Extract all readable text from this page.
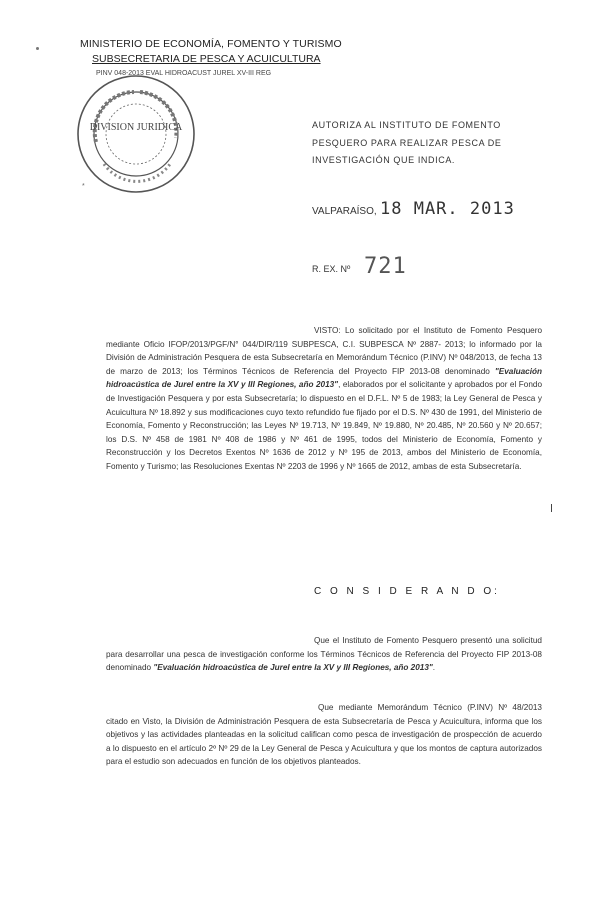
MINISTERIO DE ECONOMÍA, FOMENTO Y TURISMO
SUBSECRETARIA DE PESCA Y ACUICULTURA
PINV 048-2013 EVAL HIDROACUST JUREL XV-III REG
DIVISION JURIDICA
*
AUTORIZA AL INSTITUTO DE FOMENTO PESQUERO PARA REALIZAR PESCA DE INVESTIGACIÓN QUE INDICA.
VALPARAÍSO, 18 MAR. 2013
R. EX. Nº 721
VISTO: Lo solicitado por el Instituto de Fomento Pesquero mediante Oficio IFOP/2013/PGF/N° 044/DIR/119 SUBPESCA, C.I. SUBPESCA Nº 2887- 2013; lo informado por la División de Administración Pesquera de esta Subsecretaría en Memorándum Técnico (P.INV) Nº 048/2013, de fecha 13 de marzo de 2013; los Términos Técnicos de Referencia del Proyecto FIP 2013-08 denominado "Evaluación hidroacústica de Jurel entre la XV y III Regiones, año 2013", elaborados por el solicitante y aprobados por el Fondo de Investigación Pesquera y por esta Subsecretaría; lo dispuesto en el D.F.L. Nº 5 de 1983; la Ley General de Pesca y Acuicultura Nº 18.892 y sus modificaciones cuyo texto refundido fue fijado por el D.S. Nº 430 de 1991, del Ministerio de Economía, Fomento y Reconstrucción; las Leyes Nº 19.713, Nº 19.849, Nº 19.880, Nº 20.485, Nº 20.560 y Nº 20.657; los D.S. Nº 458 de 1981 Nº 408 de 1986 y Nº 461 de 1995, todos del Ministerio de Economía, Fomento y Reconstrucción y los Decretos Exentos Nº 1636 de 2012 y Nº 195 de 2013, ambos del Ministerio de Economía, Fomento y Turismo; las Resoluciones Exentas Nº 2203 de 1996 y Nº 1665 de 2012, ambas de esta Subsecretaría.
C O N S I D E R A N D O:
Que el Instituto de Fomento Pesquero presentó una solicitud para desarrollar una pesca de investigación conforme los Términos Técnicos de Referencia del Proyecto FIP 2013-08 denominado "Evaluación hidroacústica de Jurel entre la XV y III Regiones, año 2013".
Que mediante Memorándum Técnico (P.INV) Nº 48/2013 citado en Visto, la División de Administración Pesquera de esta Subsecretaría de Pesca y Acuicultura, informa que los objetivos y las actividades planteadas en la solicitud califican como pesca de investigación de prospección de acuerdo a lo dispuesto en el artículo 2º Nº 29 de la Ley General de Pesca y Acuicultura y que los montos de captura autorizados para el estudio son adecuados en función de los objetivos planteados.
